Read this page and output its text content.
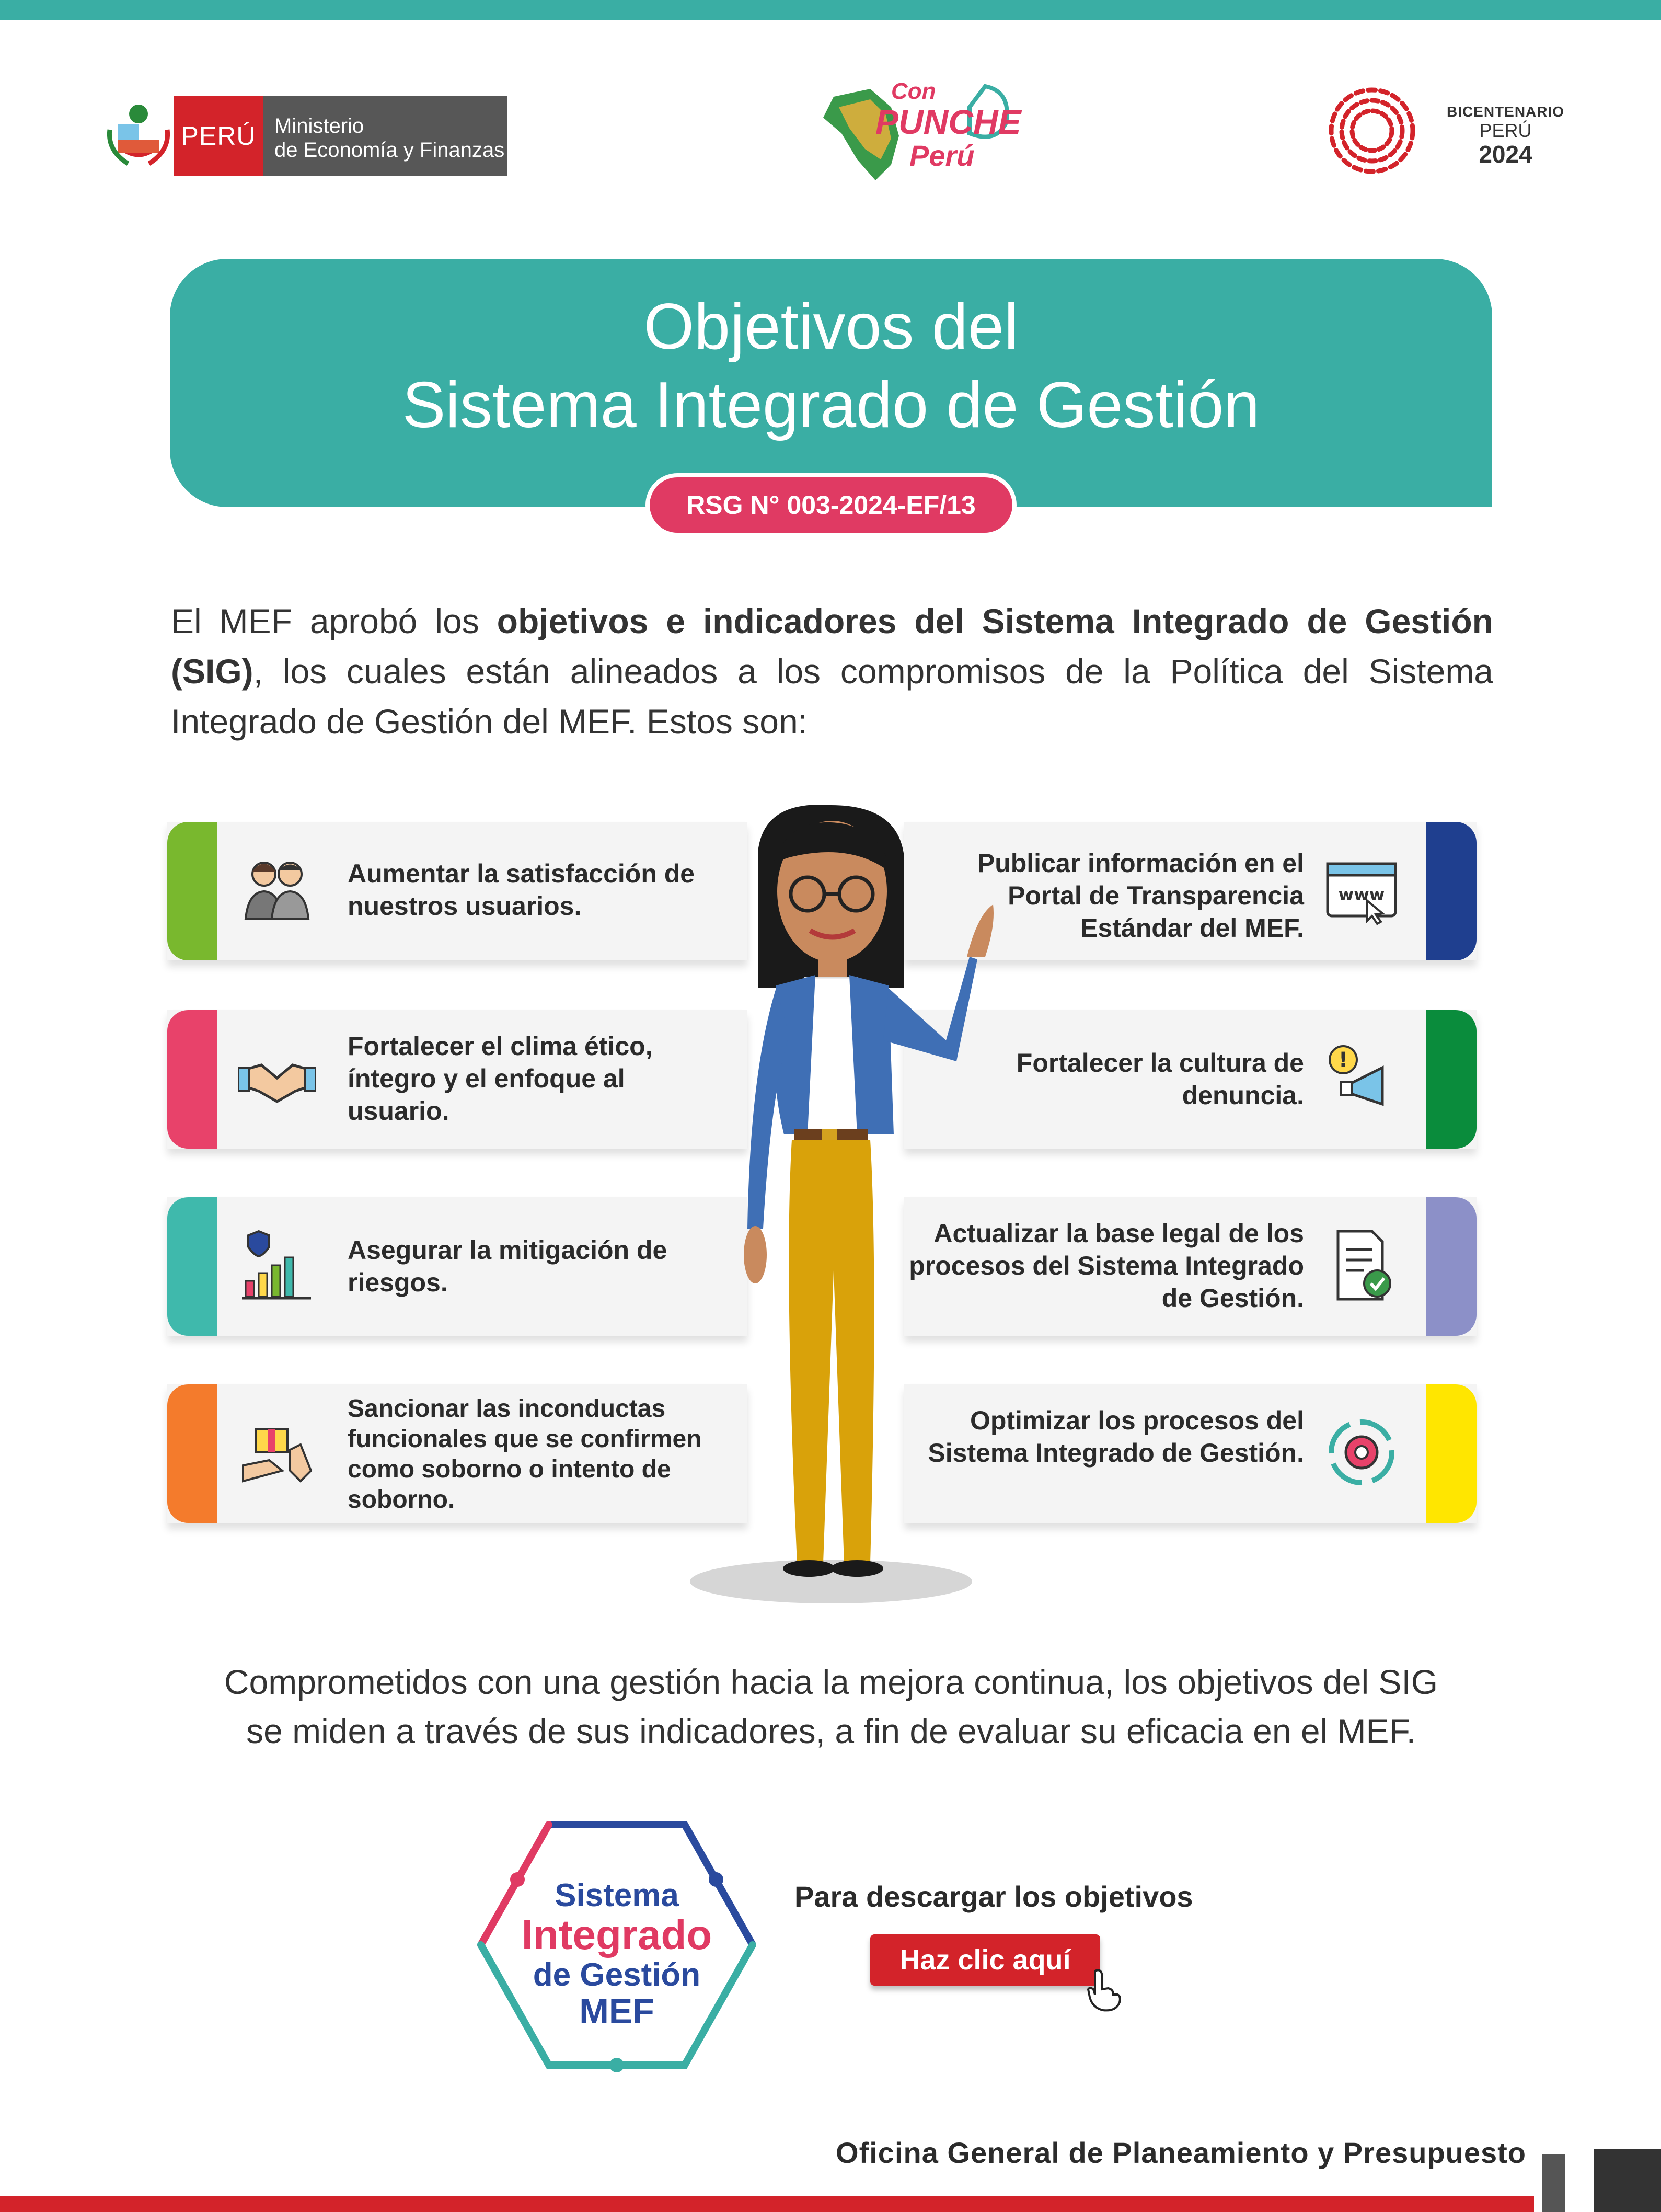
PERÚ Ministerio
de Economía y Finanzas
Con
PUNCHE
Perú
BICENTENARIO
PERÚ
2024
Objetivos del
Sistema Integrado de Gestión
RSG N° 003-2024-EF/13
El MEF aprobó los objetivos e indicadores del Sistema Integrado de Gestión (SIG), los cuales están alineados a los compromisos de la Política del Sistema Integrado de Gestión del MEF. Estos son:
Aumentar la satisfacción de nuestros usuarios.
Publicar información en el Portal de Transparencia Estándar del MEF.
www
Fortalecer el clima ético, íntegro y el enfoque al usuario.
Fortalecer la cultura de denuncia.
!
Asegurar la mitigación de riesgos.
Actualizar la base legal de los procesos del Sistema Integrado de Gestión.
Sancionar las inconductas funcionales que se confirmen como soborno o intento de soborno.
Optimizar los procesos del Sistema Integrado de Gestión.
Comprometidos con una gestión hacia la mejora continua, los objetivos del SIG
se miden a través de sus indicadores, a fin de evaluar su eficacia en el MEF.
Sistema
Integrado
de Gestión
MEF
Para descargar los objetivos
Haz clic aquí
Oficina General de Planeamiento y Presupuesto
